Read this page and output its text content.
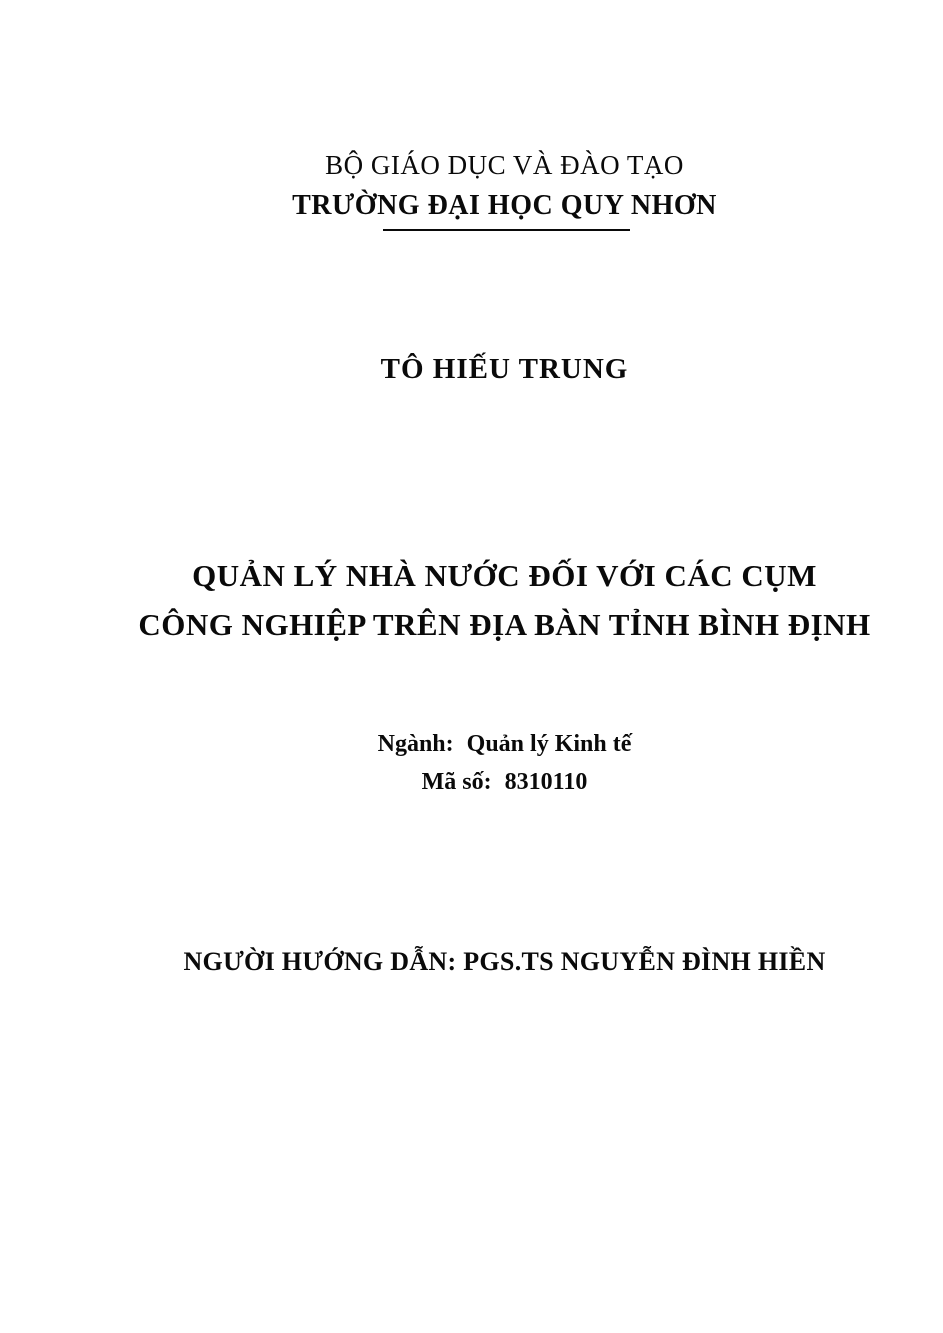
BỘ GIÁO DỤC VÀ ĐÀO TẠO
TRƯỜNG ĐẠI HỌC QUY NHƠN
TÔ HIẾU TRUNG
QUẢN LÝ NHÀ NƯỚC ĐỐI VỚI CÁC CỤM
CÔNG NGHIỆP TRÊN ĐỊA BÀN TỈNH BÌNH ĐỊNH
Ngành: Quản lý Kinh tế
Mã số: 8310110
NGƯỜI HƯỚNG DẪN: PGS.TS NGUYỄN ĐÌNH HIỀN
